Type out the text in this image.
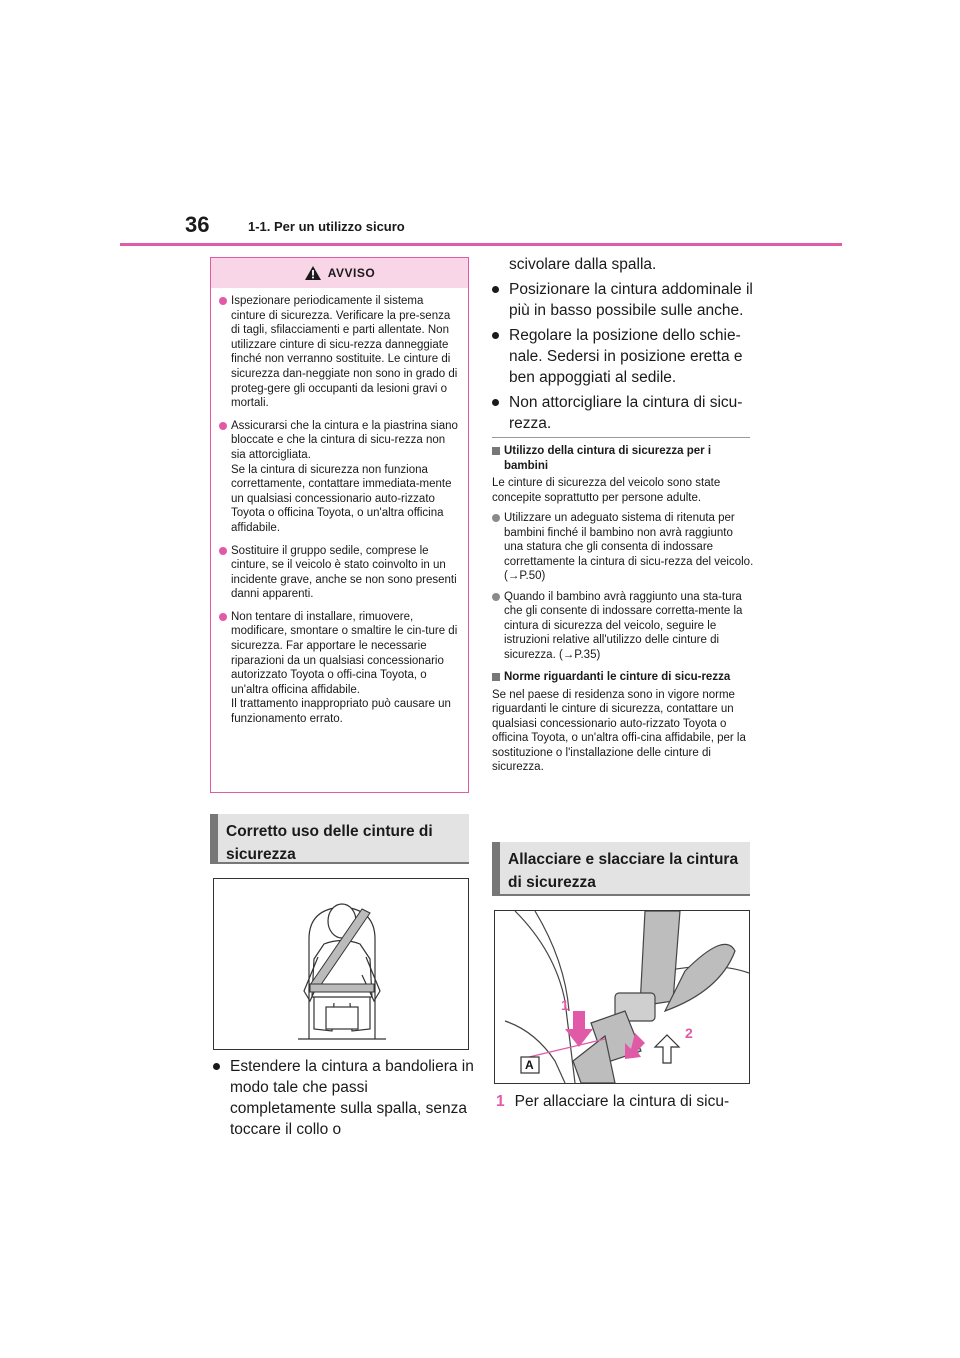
36	1-1. Per un utilizzo sicuro
AVVISO
Ispezionare periodicamente il sistema cinture di sicurezza. Verificare la pre-senza di tagli, sfilacciamenti e parti allentate. Non utilizzare cinture di sicu-rezza danneggiate finché non verranno sostituite. Le cinture di sicurezza dan-neggiate non sono in grado di proteg-gere gli occupanti da lesioni gravi o mortali.
Assicurarsi che la cintura e la piastrina siano bloccate e che la cintura di sicu-rezza non sia attorcigliata.
Se la cintura di sicurezza non funziona correttamente, contattare immediata-mente un qualsiasi concessionario auto-rizzato Toyota o officina Toyota, o un'altra officina affidabile.
Sostituire il gruppo sedile, comprese le cinture, se il veicolo è stato coinvolto in un incidente grave, anche se non sono presenti danni apparenti.
Non tentare di installare, rimuovere, modificare, smontare o smaltire le cin-ture di sicurezza. Far apportare le necessarie riparazioni da un qualsiasi concessionario autorizzato Toyota o offi-cina Toyota, o un'altra officina affidabile.
Il trattamento inappropriato può causare un funzionamento errato.
Corretto uso delle cinture di sicurezza
Estendere la cintura a bandoliera in modo tale che passi completamente sulla spalla, senza toccare il collo o
scivolare dalla spalla.
Posizionare la cintura addominale il più in basso possibile sulle anche.
Regolare la posizione dello schie-nale. Sedersi in posizione eretta e ben appoggiati al sedile.
Non attorcigliare la cintura di sicu-rezza.
Utilizzo della cintura di sicurezza per i bambini
Le cinture di sicurezza del veicolo sono state concepite soprattutto per persone adulte.
Utilizzare un adeguato sistema di ritenuta per bambini finché il bambino non avrà raggiunto una statura che gli consenta di indossare correttamente la cintura di sicu-rezza del veicolo. (→P.50)
Quando il bambino avrà raggiunto una sta-tura che gli consente di indossare corretta-mente la cintura di sicurezza del veicolo, seguire le istruzioni relative all'utilizzo delle cinture di sicurezza. (→P.35)
Norme riguardanti le cinture di sicu-rezza
Se nel paese di residenza sono in vigore norme riguardanti le cinture di sicurezza, contattare un qualsiasi concessionario auto-rizzato Toyota o officina Toyota, o un'altra offi-cina affidabile, per la sostituzione o l'installazione delle cinture di sicurezza.
Allacciare e slacciare la cintura di sicurezza
1
2
A
1 Per allacciare la cintura di sicu-
